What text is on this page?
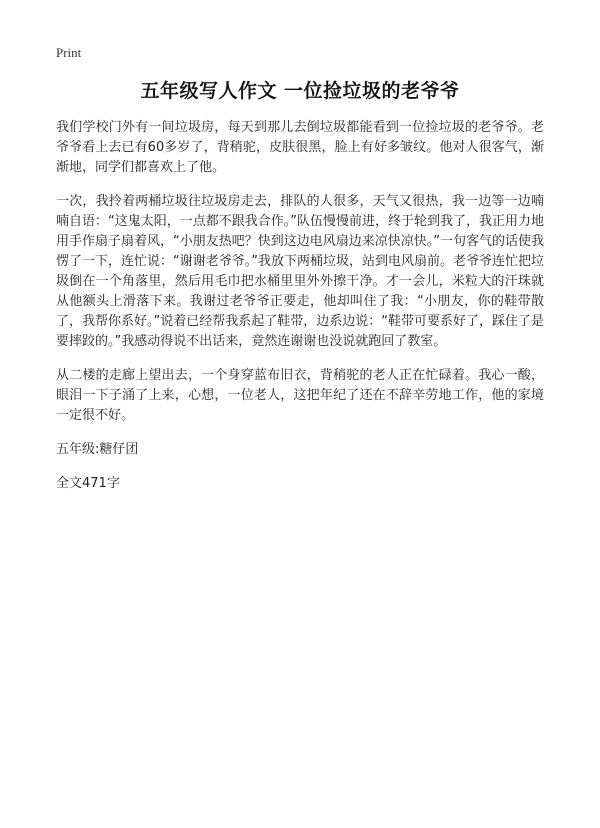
Print
五年级写人作文 一位捡垃圾的老爷爷

我们学校门外有一间垃圾房，每天到那儿去倒垃圾都能看到一位捡垃圾的老爷爷。老爷爷看上去已有60多岁了，背稍驼，皮肤很黑，脸上有好多皱纹。他对人很客气，渐渐地，同学们都喜欢上了他。

一次，我拎着两桶垃圾往垃圾房走去，排队的人很多，天气又很热，我一边等一边喃喃自语：“这鬼太阳，一点都不跟我合作。”队伍慢慢前进，终于轮到我了，我正用力地用手作扇子扇着风，“小朋友热吧？快到这边电风扇边来凉快凉快。”一句客气的话使我愣了一下，连忙说：“谢谢老爷爷。”我放下两桶垃圾，站到电风扇前。老爷爷连忙把垃圾倒在一个角落里，然后用毛巾把水桶里里外外擦干净。才一会儿，米粒大的汗珠就从他额头上滑落下来。我谢过老爷爷正要走，他却叫住了我：“小朋友，你的鞋带散了，我帮你系好。”说着已经帮我系起了鞋带，边系边说：“鞋带可要系好了，踩住了是要摔跤的。”我感动得说不出话来，竟然连谢谢也没说就跑回了教室。

从二楼的走廊上望出去，一个身穿蓝布旧衣，背稍驼的老人正在忙碌着。我心一酸，眼泪一下子涌了上来，心想，一位老人，这把年纪了还在不辞辛劳地工作，他的家境一定很不好。

五年级:糖仔团
全文471字
